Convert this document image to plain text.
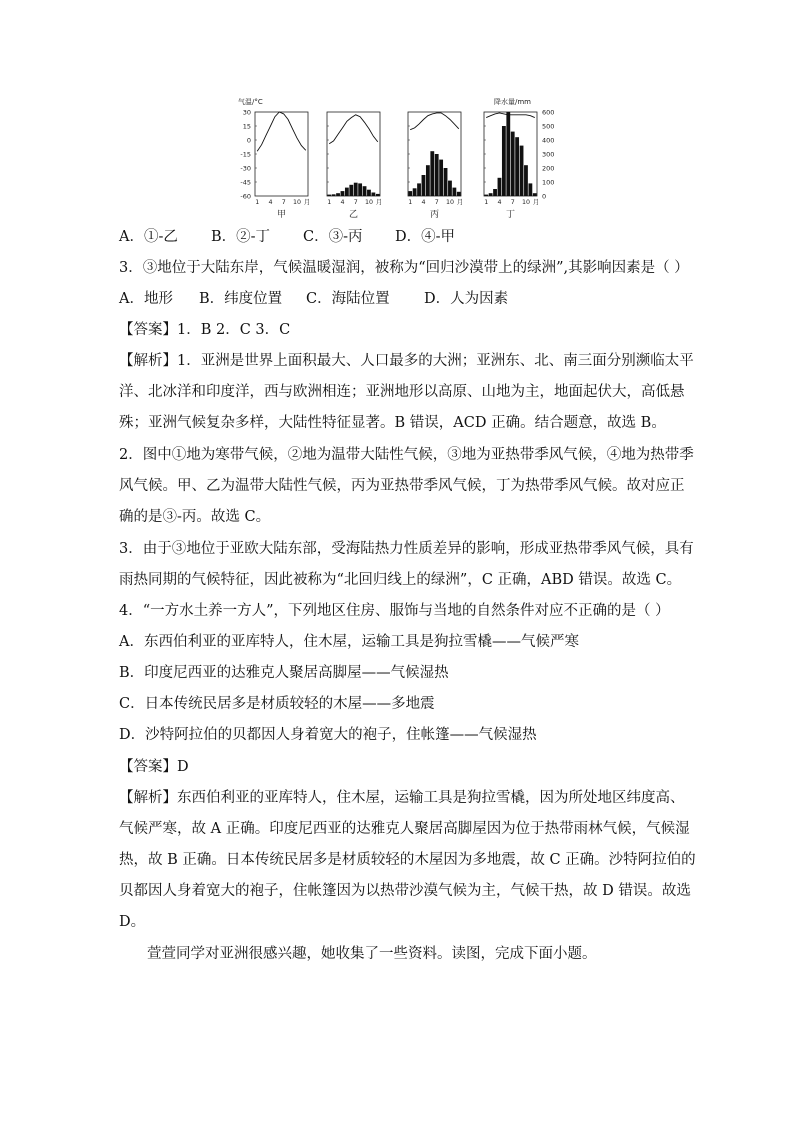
气温/°C	降水量/mm
30
15
0
-15
-30
-45
-60
600
500
400
300
200
100
0
1 4 7 10 月
甲
1 4 7 10 月
乙
1 4 7 10 月
丙
1 4 7 10 月
丁
A．①-乙	B．②-丁	C．③-丙	D．④-甲
3．③地位于大陆东岸，气候温暖湿润，被称为“回归沙漠带上的绿洲”,其影响因素是（ ）
A．地形	B．纬度位置	C．海陆位置	D．人为因素
【答案】1．B 2．C 3．C
【解析】1．亚洲是世界上面积最大、人口最多的大洲；亚洲东、北、南三面分别濒临太平
洋、北冰洋和印度洋，西与欧洲相连；亚洲地形以高原、山地为主，地面起伏大，高低悬
殊；亚洲气候复杂多样，大陆性特征显著。B 错误，ACD 正确。结合题意，故选 B。
2．图中①地为寒带气候，②地为温带大陆性气候，③地为亚热带季风气候，④地为热带季
风气候。甲、乙为温带大陆性气候，丙为亚热带季风气候，丁为热带季风气候。故对应正
确的是③-丙。故选 C。
3．由于③地位于亚欧大陆东部，受海陆热力性质差异的影响，形成亚热带季风气候，具有
雨热同期的气候特征，因此被称为“北回归线上的绿洲”，C 正确，ABD 错误。故选 C。
4．“一方水土养一方人”，下列地区住房、服饰与当地的自然条件对应不正确的是（ ）
A．东西伯利亚的亚库特人，住木屋，运输工具是狗拉雪橇——气候严寒
B．印度尼西亚的达雅克人聚居高脚屋——气候湿热
C．日本传统民居多是材质较轻的木屋——多地震
D．沙特阿拉伯的贝都因人身着宽大的袍子，住帐篷——气候湿热
【答案】D
【解析】东西伯利亚的亚库特人，住木屋，运输工具是狗拉雪橇，因为所处地区纬度高、
气候严寒，故 A 正确。印度尼西亚的达雅克人聚居高脚屋因为位于热带雨林气候，气候湿
热，故 B 正确。日本传统民居多是材质较轻的木屋因为多地震，故 C 正确。沙特阿拉伯的
贝都因人身着宽大的袍子，住帐篷因为以热带沙漠气候为主，气候干热，故 D 错误。故选
D。
萱萱同学对亚洲很感兴趣，她收集了一些资料。读图，完成下面小题。
